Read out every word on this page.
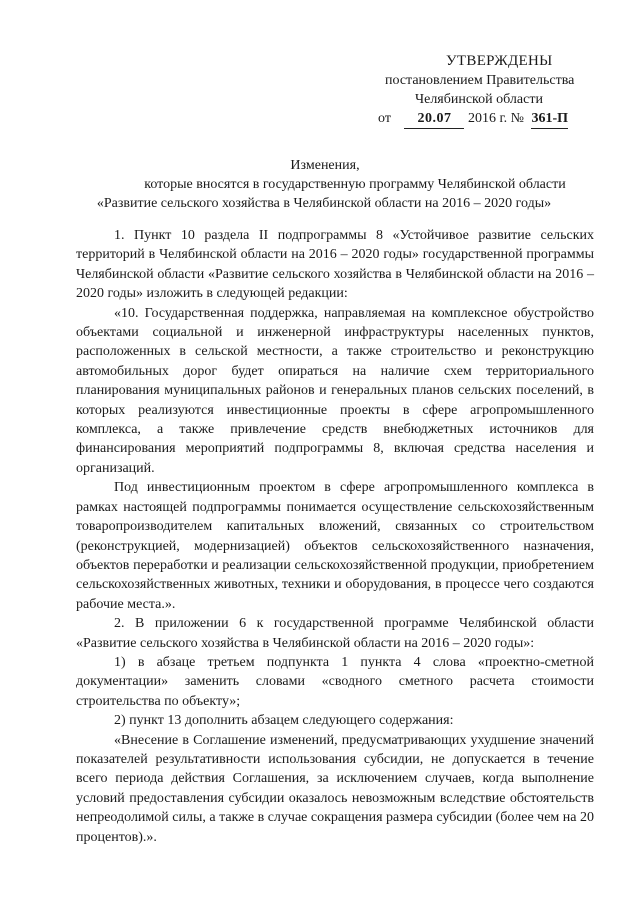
УТВЕРЖДЕНЫ
постановлением Правительства
Челябинской области
от 20.07 2016 г. № 361-П
Изменения,
которые вносятся в государственную программу Челябинской области
«Развитие сельского хозяйства в Челябинской области на 2016 – 2020 годы»

1. Пункт 10 раздела II подпрограммы 8 «Устойчивое развитие сельских территорий в Челябинской области на 2016 – 2020 годы» государственной программы Челябинской области «Развитие сельского хозяйства в Челябинской области на 2016 – 2020 годы» изложить в следующей редакции:

«10. Государственная поддержка, направляемая на комплексное обустройство объектами социальной и инженерной инфраструктуры населенных пунктов, расположенных в сельской местности, а также строительство и реконструкцию автомобильных дорог будет опираться на наличие схем территориального планирования муниципальных районов и генеральных планов сельских поселений, в которых реализуются инвестиционные проекты в сфере агропромышленного комплекса, а также привлечение средств внебюджетных источников для финансирования мероприятий подпрограммы 8, включая средства населения и организаций.

Под инвестиционным проектом в сфере агропромышленного комплекса в рамках настоящей подпрограммы понимается осуществление сельскохозяйственным товаропроизводителем капитальных вложений, связанных со строительством (реконструкцией, модернизацией) объектов сельскохозяйственного назначения, объектов переработки и реализации сельскохозяйственной продукции, приобретением сельскохозяйственных животных, техники и оборудования, в процессе чего создаются рабочие места.».

2. В приложении 6 к государственной программе Челябинской области «Развитие сельского хозяйства в Челябинской области на 2016 – 2020 годы»:

1) в абзаце третьем подпункта 1 пункта 4 слова «проектно-сметной документации» заменить словами «сводного сметного расчета стоимости строительства по объекту»;

2) пункт 13 дополнить абзацем следующего содержания:

«Внесение в Соглашение изменений, предусматривающих ухудшение значений показателей результативности использования субсидии, не допускается в течение всего периода действия Соглашения, за исключением случаев, когда выполнение условий предоставления субсидии оказалось невозможным вследствие обстоятельств непреодолимой силы, а также в случае сокращения размера субсидии (более чем на 20 процентов).».
